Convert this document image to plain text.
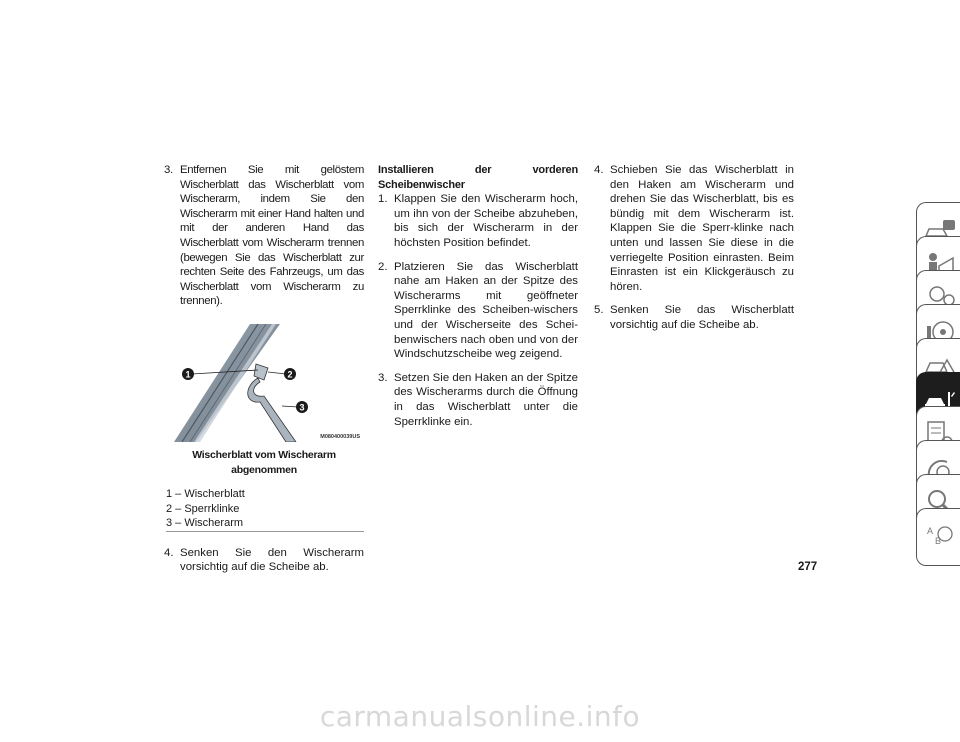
3. Entfernen Sie mit gelöstem Wischerblatt das Wischerblatt vom Wischerarm, indem Sie den Wischerarm mit einer Hand halten und mit der anderen Hand das Wischerblatt vom Wischerarm trennen (bewegen Sie das Wischerblatt zur rechten Seite des Fahrzeugs, um das Wischerblatt vom Wischerarm zu trennen).
1	2
3
M080400039US
Wischerblatt vom Wischerarm abgenommen
1 – Wischerblatt
2 – Sperrklinke
3 – Wischerarm
4. Senken Sie den Wischerarm vorsichtig auf die Scheibe ab.

Installieren der vorderen Scheibenwischer

1. Klappen Sie den Wischerarm hoch, um ihn von der Scheibe abzuheben, bis sich der Wischerarm in der höchsten Position befindet.
2. Platzieren Sie das Wischerblatt nahe am Haken an der Spitze des Wischerarms mit geöffneter Sperrklinke des Scheiben-wischers und der Wischerseite des Schei-benwischers nach oben und von der Windschutzscheibe weg zeigend.
3. Setzen Sie den Haken an der Spitze des Wischerarms durch die Öffnung in das Wischerblatt unter die Sperrklinke ein.
4. Schieben Sie das Wischerblatt in den Haken am Wischerarm und drehen Sie das Wischerblatt, bis es bündig mit dem Wischerarm ist. Klappen Sie die Sperr-klinke nach unten und lassen Sie diese in die verriegelte Position einrasten. Beim Einrasten ist ein Klickgeräusch zu hören.
5. Senken Sie das Wischerblatt vorsichtig auf die Scheibe ab.
A
B
277
carmanualsonline.info
